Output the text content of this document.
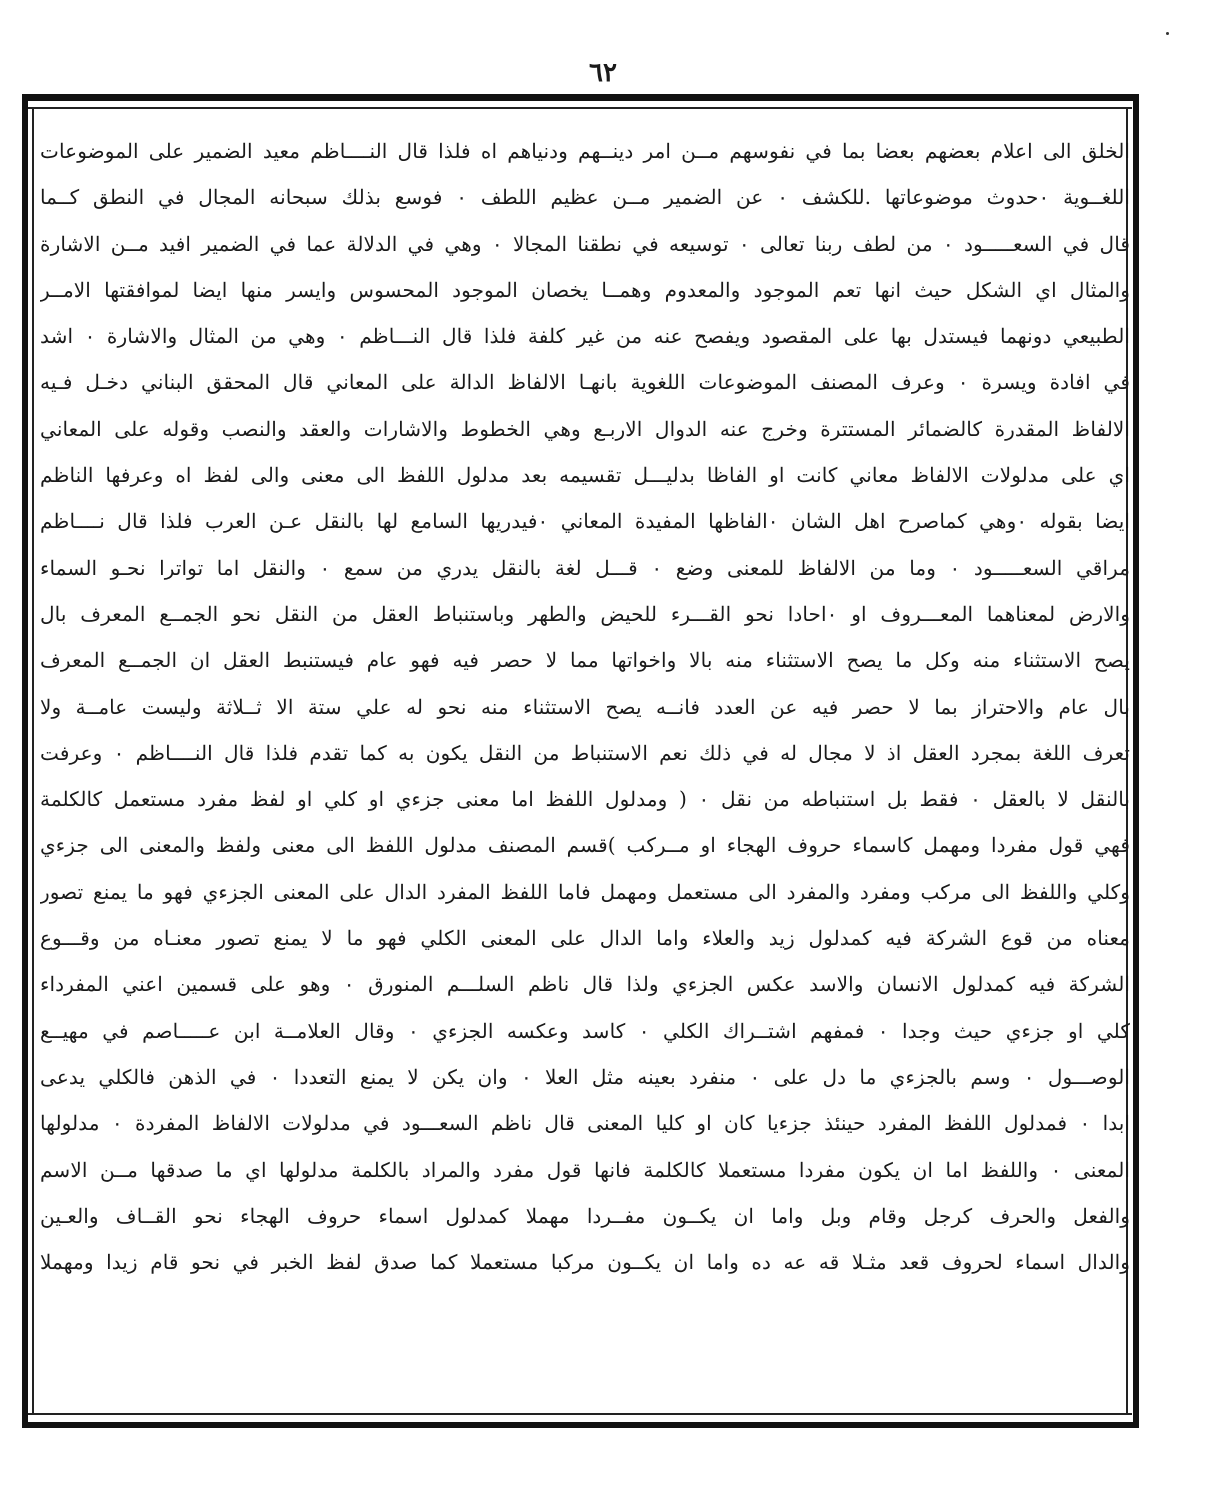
٦٢
الخلق الى اعلام بعضهم بعضا بما في نفوسهم مــن امر دينــهم ودنياهم اه فلذا قال النــــاظم معيد الضمير على الموضوعات
اللغــوية ٠حدوث موضوعاتها .للكشف ٠ عن الضمير مــن عظيم اللطف ٠ فوسع بذلك سبحانه المجال في النطق كــما
قال في السعـــــود ٠ من لطف ربنا تعالى ٠ توسيعه في نطقنا المجالا ٠ وهي في الدلالة عما في الضمير افيد مــن الاشارة
والمثال اي الشكل حيث انها تعم الموجود والمعدوم وهمــا يخصان الموجود المحسوس وايسر منها ايضا لموافقتها الامــر
الطبيعي دونهما فيستدل بها على المقصود ويفصح عنه من غير كلفة فلذا قال النـــاظم ٠ وهي من المثال والاشارة ٠ اشد
في افادة ويسرة ٠ وعرف المصنف الموضوعات اللغوية بانهـا الالفاظ الدالة على المعاني قال المحقق البناني دخـل فـيه
الالفاظ المقدرة كالضمائر المستترة وخرج عنه الدوال الاربـع وهي الخطوط والاشارات والعقد والنصب وقوله على المعاني
اي على مدلولات الالفاظ معاني كانت او الفاظا بدليـــل تقسيمه بعد مدلول اللفظ الى معنى والى لفظ اه وعرفها الناظم
ايضا بقوله ٠وهي كماصرح اهل الشان ٠الفاظها المفيدة المعاني ٠فيدريها السامع لها بالنقل عـن العرب فلذا قال نــــاظم
مراقي السعـــــود ٠ وما من الالفاظ للمعنى وضع ٠ قـــل لغة بالنقل يدري من سمع ٠ والنقل اما تواترا نحـو السماء
والارض لمعناهما المعـــروف او ٠احادا نحو القـــرء للحيض والطهر وباستنباط العقل من النقل نحو الجمــع المعرف بال
يصح الاستثناء منه وكل ما يصح الاستثناء منه بالا واخواتها مما لا حصر فيه فهو عام فيستنبط العقل ان الجمــع المعرف
بال عام والاحتراز بما لا حصر فيه عن العدد فانــه يصح الاستثناء منه نحو له علي ستة الا ثــلاثة وليست عامــة ولا
تعرف اللغة بمجرد العقل اذ لا مجال له في ذلك نعم الاستنباط من النقل يكون به كما تقدم فلذا قال النــــاظم ٠ وعرفت
بالنقل لا بالعقل ٠ فقط بل استنباطه من نقل ٠ ( ومدلول اللفظ اما معنى جزءي او كلي او لفظ مفرد مستعمل كالكلمة
فهي قول مفردا ومهمل كاسماء حروف الهجاء او مــركب )قسم المصنف مدلول اللفظ الى معنى ولفظ والمعنى الى جزءي
وكلي واللفظ الى مركب ومفرد والمفرد الى مستعمل ومهمل فاما اللفظ المفرد الدال على المعنى الجزءي فهو ما يمنع تصور
معناه من قوع الشركة فيه كمدلول زيد والعلاء واما الدال على المعنى الكلي فهو ما لا يمنع تصور معنـاه من وقـــوع
الشركة فيه كمدلول الانسان والاسد عكس الجزءي ولذا قال ناظم السلـــم المنورق ٠ وهو على قسمين اعني المفرداء
كلي او جزءي حيث وجدا ٠ فمفهم اشتــراك الكلي ٠ كاسد وعكسه الجزءي ٠ وقال العلامــة ابن عـــــاصم في مهيــع
الوصـــول ٠ وسم بالجزءي ما دل على ٠ منفرد بعينه مثل العلا ٠ وان يكن لا يمنع التعددا ٠ في الذهن فالكلي يدعى
ابدا ٠ فمدلول اللفظ المفرد حينئذ جزءيا كان او كليا المعنى قال ناظم السعـــود في مدلولات الالفاظ المفردة ٠ مدلولها
المعنى ٠ واللفظ اما ان يكون مفردا مستعملا كالكلمة فانها قول مفرد والمراد بالكلمة مدلولها اي ما صدقها مــن الاسم
والفعل والحرف كرجل وقام وبل واما ان يكــون مفــردا مهملا كمدلول اسماء حروف الهجاء نحو القــاف والعـين
والدال اسماء لحروف قعد مثـلا قه عه ده واما ان يكــون مركبا مستعملا كما صدق لفظ الخبر في نحو قام زيدا ومهملا
